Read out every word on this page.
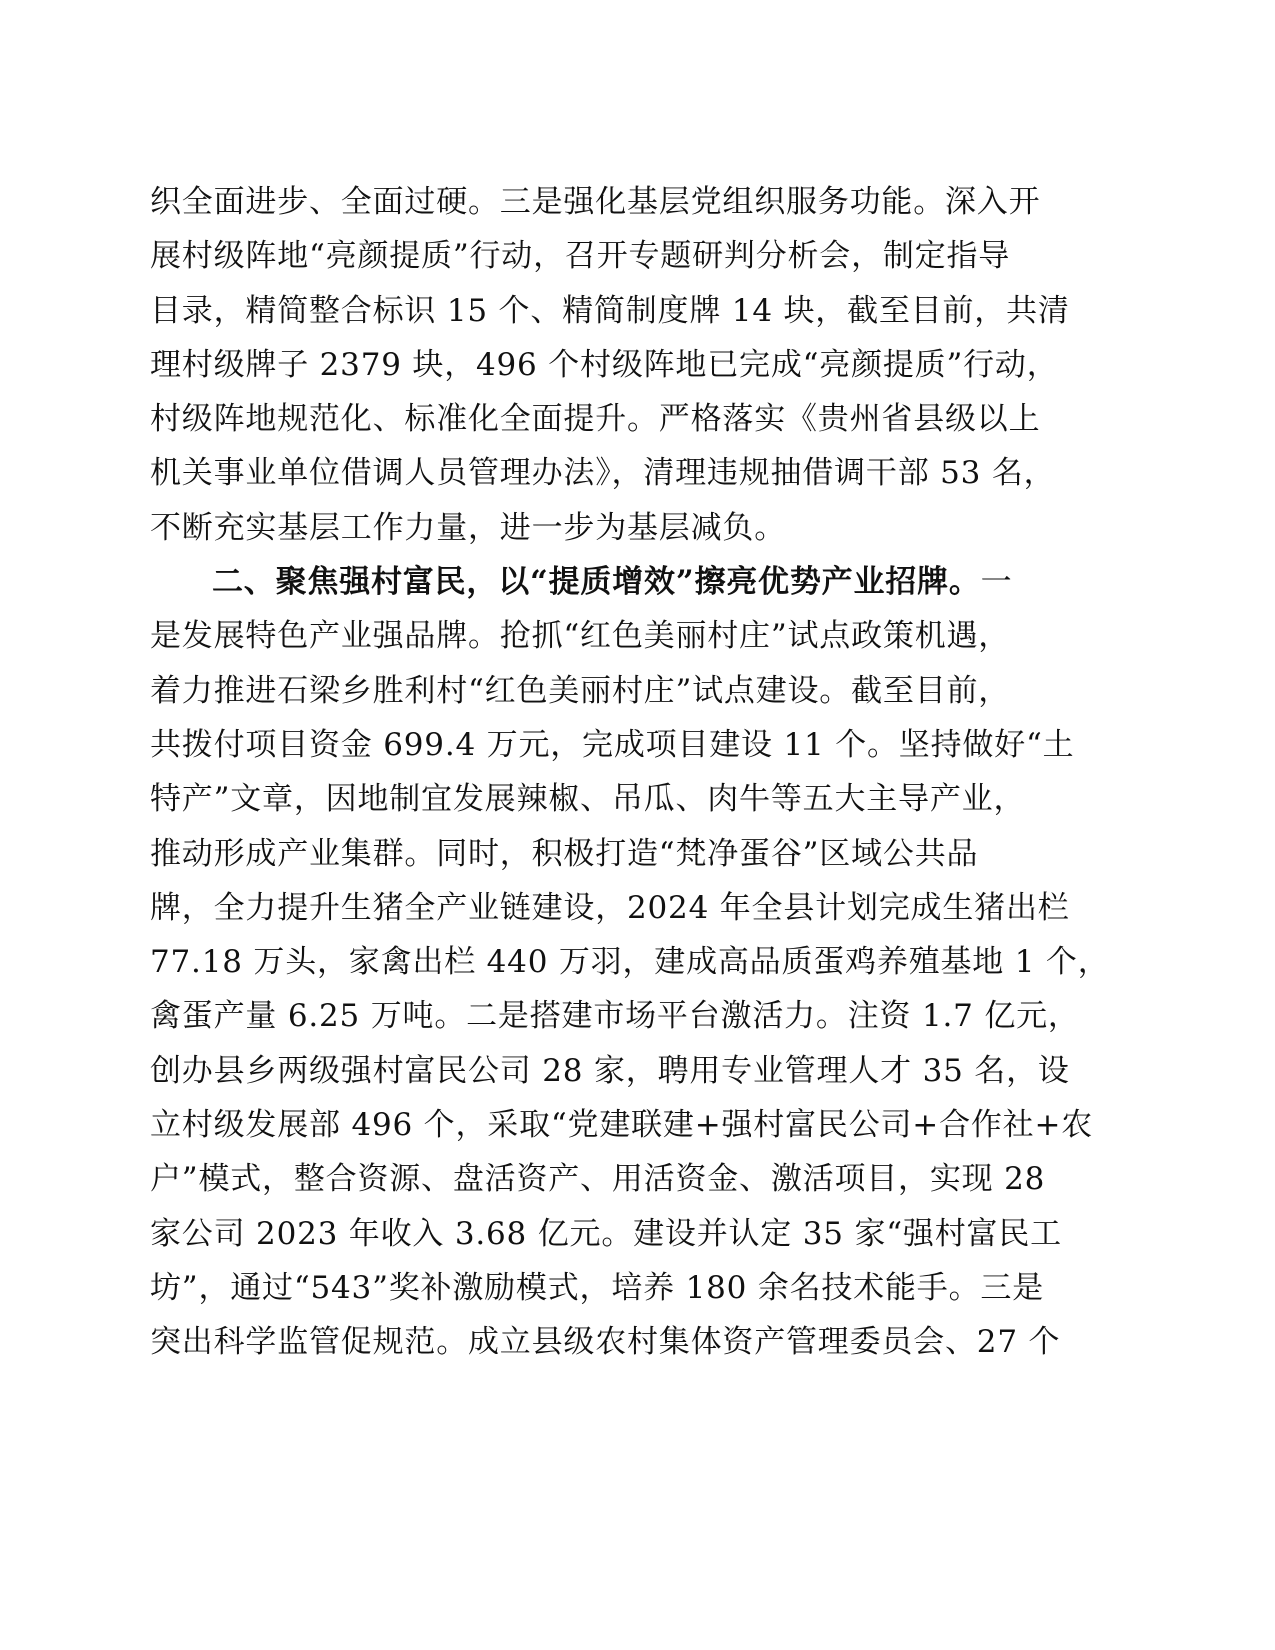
织全面进步、全面过硬。三是强化基层党组织服务功能。深入开
展村级阵地“亮颜提质”行动，召开专题研判分析会，制定指导
目录，精简整合标识 15 个、精简制度牌 14 块，截至目前，共清
理村级牌子 2379 块，496 个村级阵地已完成“亮颜提质”行动，
村级阵地规范化、标准化全面提升。严格落实《贵州省县级以上
机关事业单位借调人员管理办法》，清理违规抽借调干部 53 名，
不断充实基层工作力量，进一步为基层减负。
二、聚焦强村富民，以“提质增效”擦亮优势产业招牌。一
是发展特色产业强品牌。抢抓“红色美丽村庄”试点政策机遇，
着力推进石梁乡胜利村“红色美丽村庄”试点建设。截至目前，
共拨付项目资金 699.4 万元，完成项目建设 11 个。坚持做好“土
特产”文章，因地制宜发展辣椒、吊瓜、肉牛等五大主导产业，
推动形成产业集群。同时，积极打造“梵净蛋谷”区域公共品
牌，全力提升生猪全产业链建设，2024 年全县计划完成生猪出栏
77.18 万头，家禽出栏 440 万羽，建成高品质蛋鸡养殖基地 1 个，
禽蛋产量 6.25 万吨。二是搭建市场平台激活力。注资 1.7 亿元，
创办县乡两级强村富民公司 28 家，聘用专业管理人才 35 名，设
立村级发展部 496 个，采取“党建联建+强村富民公司+合作社+农
户”模式，整合资源、盘活资产、用活资金、激活项目，实现 28
家公司 2023 年收入 3.68 亿元。建设并认定 35 家“强村富民工
坊”，通过“543”奖补激励模式，培养 180 余名技术能手。三是
突出科学监管促规范。成立县级农村集体资产管理委员会、27 个
